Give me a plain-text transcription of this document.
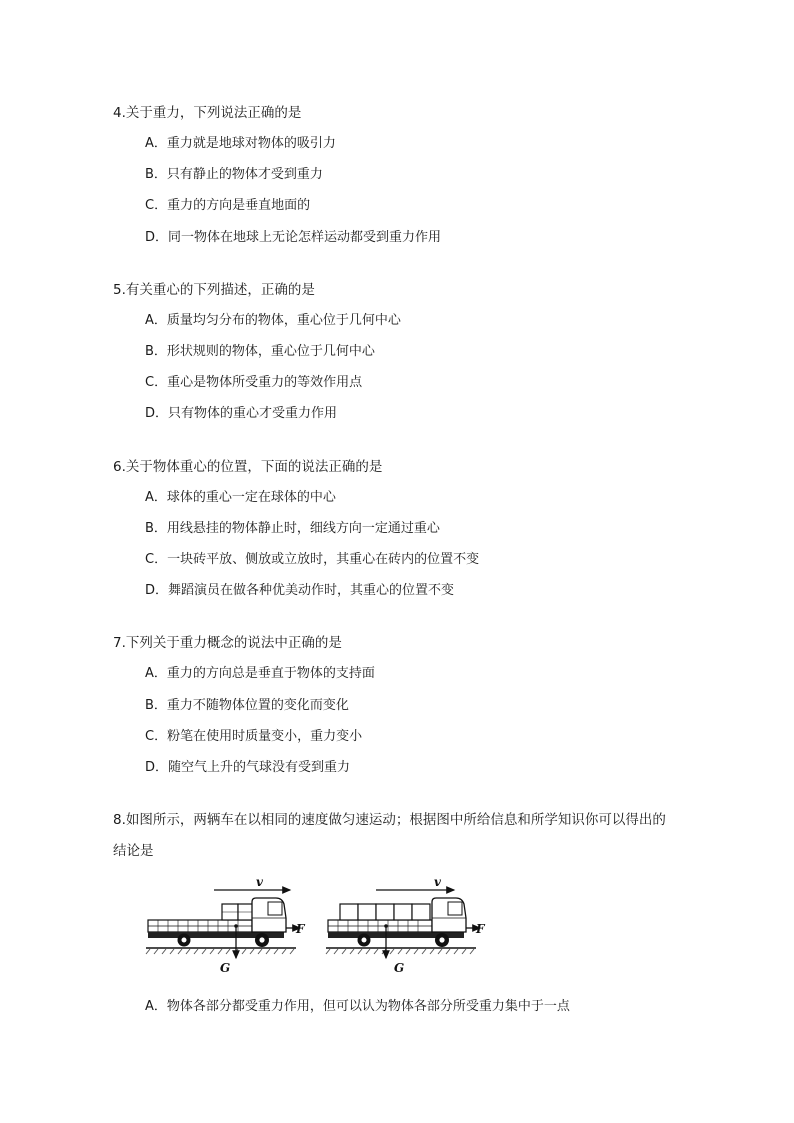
4.关于重力，下列说法正确的是
A．重力就是地球对物体的吸引力
B．只有静止的物体才受到重力
C．重力的方向是垂直地面的
D．同一物体在地球上无论怎样运动都受到重力作用
5.有关重心的下列描述，正确的是
A．质量均匀分布的物体，重心位于几何中心
B．形状规则的物体，重心位于几何中心
C．重心是物体所受重力的等效作用点
D．只有物体的重心才受重力作用
6.关于物体重心的位置，下面的说法正确的是
A．球体的重心一定在球体的中心
B．用线悬挂的物体静止时，细线方向一定通过重心
C．一块砖平放、侧放或立放时，其重心在砖内的位置不变
D．舞蹈演员在做各种优美动作时，其重心的位置不变
7.下列关于重力概念的说法中正确的是
A．重力的方向总是垂直于物体的支持面
B．重力不随物体位置的变化而变化
C．粉笔在使用时质量变小，重力变小
D．随空气上升的气球没有受到重力
8.如图所示，两辆车在以相同的速度做匀速运动；根据图中所给信息和所学知识你可以得出的
结论是
v
F
G
v
F
G
A．物体各部分都受重力作用，但可以认为物体各部分所受重力集中于一点
